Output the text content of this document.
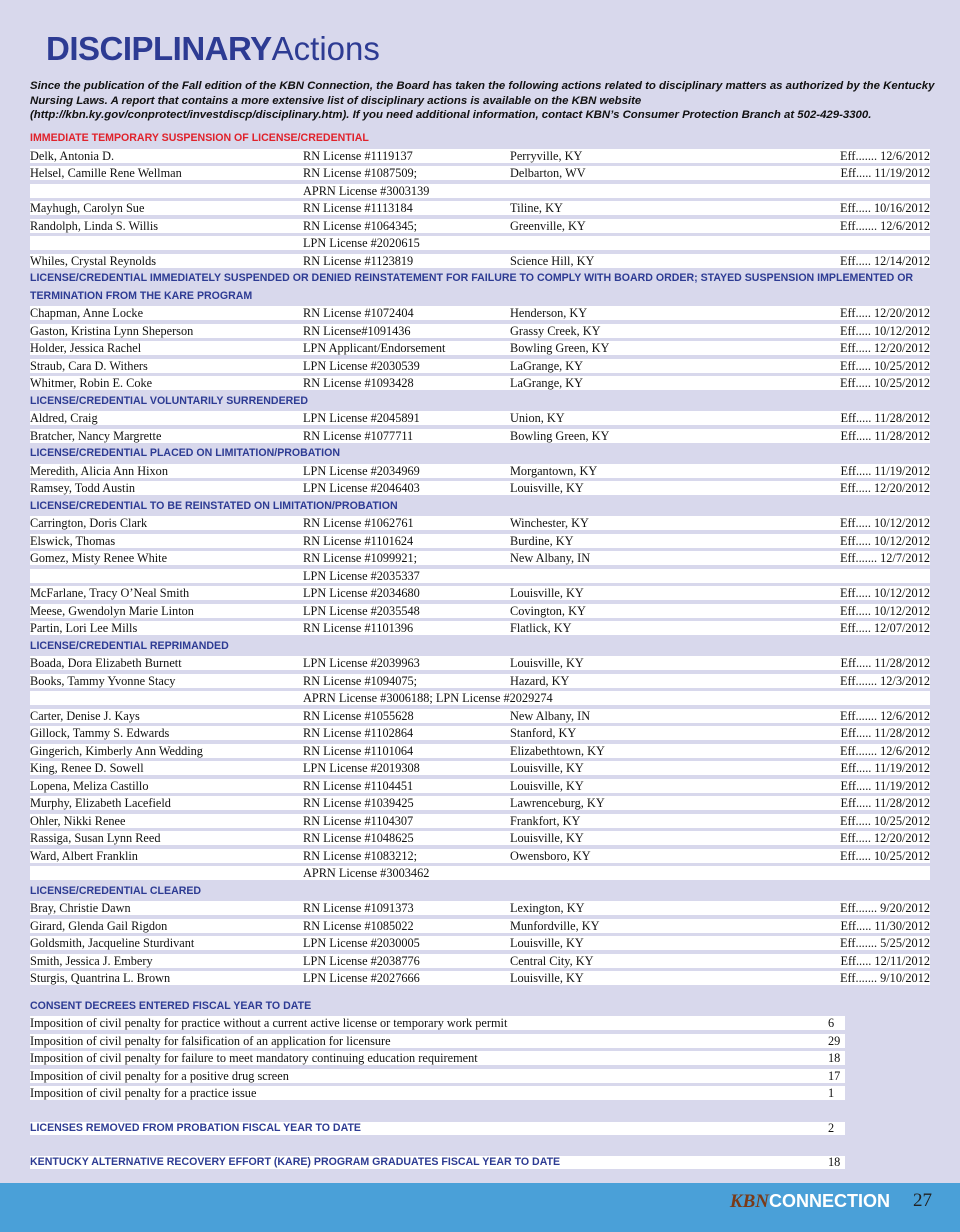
DISCIPLINARYActions

Since the publication of the Fall edition of the KBN Connection, the Board has taken the following actions related to disciplinary matters as authorized by the Kentucky Nursing Laws. A report that contains a more extensive list of disciplinary actions is available on the KBN website (http://kbn.ky.gov/conprotect/investdiscp/disciplinary.htm). If you need additional information, contact KBN’s Consumer Protection Branch at 502-429-3300.

IMMEDIATE TEMPORARY SUSPENSION OF LICENSE/CREDENTIAL
Delk, Antonia D.	RN License #1119137	Perryville, KY	Eff....... 12/6/2012
Helsel, Camille Rene Wellman	RN License #1087509;	Delbarton, WV	Eff..... 11/19/2012
APRN License #3003139
Mayhugh, Carolyn Sue	RN License #1113184	Tiline, KY	Eff..... 10/16/2012
Randolph, Linda S. Willis	RN License #1064345;	Greenville, KY	Eff....... 12/6/2012
LPN License #2020615
Whiles, Crystal Reynolds	RN License #1123819	Science Hill, KY	Eff..... 12/14/2012
LICENSE/CREDENTIAL IMMEDIATELY SUSPENDED OR DENIED REINSTATEMENT FOR FAILURE TO COMPLY WITH BOARD ORDER; STAYED SUSPENSION IMPLEMENTED OR TERMINATION FROM THE KARE PROGRAM
Chapman, Anne Locke	RN License #1072404	Henderson, KY	Eff..... 12/20/2012
Gaston, Kristina Lynn Sheperson	RN License#1091436	Grassy Creek, KY	Eff..... 10/12/2012
Holder, Jessica Rachel	LPN Applicant/Endorsement	Bowling Green, KY	Eff..... 12/20/2012
Straub, Cara D. Withers	LPN License #2030539	LaGrange, KY	Eff..... 10/25/2012
Whitmer, Robin E. Coke	RN License #1093428	LaGrange, KY	Eff..... 10/25/2012
LICENSE/CREDENTIAL VOLUNTARILY SURRENDERED
Aldred, Craig	LPN License #2045891	Union, KY	Eff..... 11/28/2012
Bratcher, Nancy Margrette	RN License #1077711	Bowling Green, KY	Eff..... 11/28/2012
LICENSE/CREDENTIAL PLACED ON LIMITATION/PROBATION
Meredith, Alicia Ann Hixon	LPN License #2034969	Morgantown, KY	Eff..... 11/19/2012
Ramsey, Todd Austin	LPN License #2046403	Louisville, KY	Eff..... 12/20/2012
LICENSE/CREDENTIAL TO BE REINSTATED ON LIMITATION/PROBATION
Carrington, Doris Clark	RN License #1062761	Winchester, KY	Eff..... 10/12/2012
Elswick, Thomas	RN License #1101624	Burdine, KY	Eff..... 10/12/2012
Gomez, Misty Renee White	RN License #1099921;	New Albany, IN	Eff....... 12/7/2012
LPN License #2035337
McFarlane, Tracy O’Neal Smith	LPN License #2034680	Louisville, KY	Eff..... 10/12/2012
Meese, Gwendolyn Marie Linton	LPN License #2035548	Covington, KY	Eff..... 10/12/2012
Partin, Lori Lee Mills	RN License #1101396	Flatlick, KY	Eff..... 12/07/2012
LICENSE/CREDENTIAL REPRIMANDED
Boada, Dora Elizabeth Burnett	LPN License #2039963	Louisville, KY	Eff..... 11/28/2012
Books, Tammy Yvonne Stacy	RN License #1094075;	Hazard, KY	Eff....... 12/3/2012
APRN License #3006188; LPN License #2029274
Carter, Denise J. Kays	RN License #1055628	New Albany, IN	Eff....... 12/6/2012
Gillock, Tammy S. Edwards	RN License #1102864	Stanford, KY	Eff..... 11/28/2012
Gingerich, Kimberly Ann Wedding	RN License #1101064	Elizabethtown, KY	Eff....... 12/6/2012
King, Renee D. Sowell	LPN License #2019308	Louisville, KY	Eff..... 11/19/2012
Lopena, Meliza Castillo	RN License #1104451	Louisville, KY	Eff..... 11/19/2012
Murphy, Elizabeth Lacefield	RN License #1039425	Lawrenceburg, KY	Eff..... 11/28/2012
Ohler, Nikki Renee	RN License #1104307	Frankfort, KY	Eff..... 10/25/2012
Rassiga, Susan Lynn Reed	RN License #1048625	Louisville, KY	Eff..... 12/20/2012
Ward, Albert Franklin	RN License #1083212;	Owensboro, KY	Eff..... 10/25/2012
APRN License #3003462
LICENSE/CREDENTIAL CLEARED
Bray, Christie Dawn	RN License #1091373	Lexington, KY	Eff....... 9/20/2012
Girard, Glenda Gail Rigdon	RN License #1085022	Munfordville, KY	Eff..... 11/30/2012
Goldsmith, Jacqueline Sturdivant	LPN License #2030005	Louisville, KY	Eff....... 5/25/2012
Smith, Jessica J. Embery	LPN License #2038776	Central City, KY	Eff..... 12/11/2012
Sturgis, Quantrina L. Brown	LPN License #2027666	Louisville, KY	Eff....... 9/10/2012
CONSENT DECREES ENTERED FISCAL YEAR TO DATE
Imposition of civil penalty for practice without a current active license or temporary work permit	6
Imposition of civil penalty for falsification of an application for licensure	29
Imposition of civil penalty for failure to meet mandatory continuing education requirement	18
Imposition of civil penalty for a positive drug screen	17
Imposition of civil penalty for a practice issue	1
LICENSES REMOVED FROM PROBATION FISCAL YEAR TO DATE	2
KENTUCKY ALTERNATIVE RECOVERY EFFORT (KARE) PROGRAM GRADUATES FISCAL YEAR TO DATE	18
KBNCONNECTION 27
